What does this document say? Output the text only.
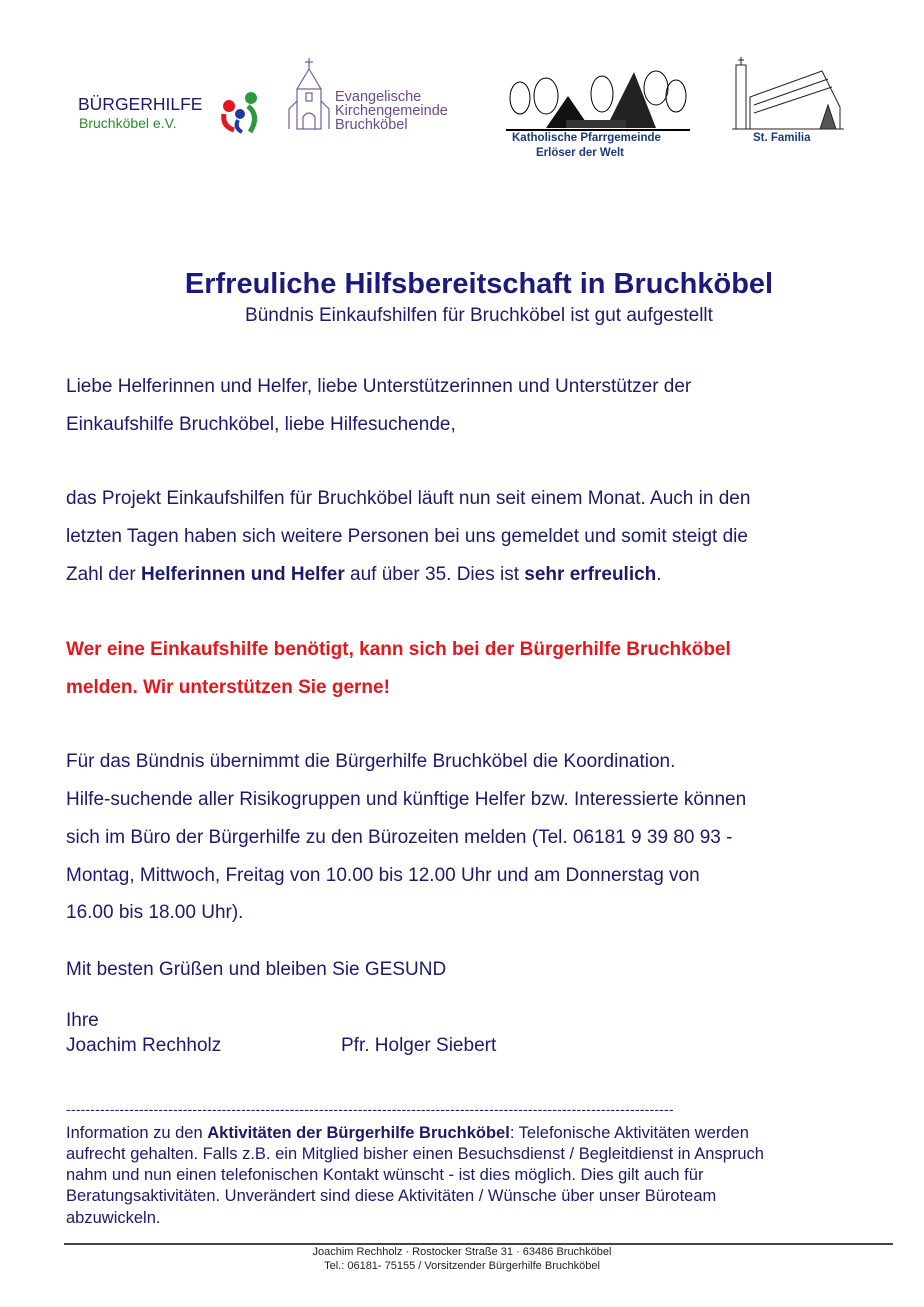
BÜRGERHILFE
Bruchköbel e.V.
Evangelische
Kirchengemeinde
Bruchköbel
Katholische Pfarrgemeinde
Erlöser der Welt
St. Familia
Erfreuliche Hilfsbereitschaft in Bruchköbel
Bündnis Einkaufshilfen für Bruchköbel ist gut aufgestellt
Liebe Helferinnen und Helfer, liebe Unterstützerinnen und Unterstützer der
Einkaufshilfe Bruchköbel, liebe Hilfesuchende,
das Projekt Einkaufshilfen für Bruchköbel läuft nun seit einem Monat. Auch in den
letzten Tagen haben sich weitere Personen bei uns gemeldet und somit steigt die
Zahl der Helferinnen und Helfer auf über 35. Dies ist sehr erfreulich.
Wer eine Einkaufshilfe benötigt, kann sich bei der Bürgerhilfe Bruchköbel
melden. Wir unterstützen Sie gerne!
Für das Bündnis übernimmt die Bürgerhilfe Bruchköbel die Koordination.
Hilfe-suchende aller Risikogruppen und künftige Helfer bzw. Interessierte können
sich im Büro der Bürgerhilfe zu den Bürozeiten melden (Tel. 06181 9 39 80 93 -
Montag, Mittwoch, Freitag von 10.00 bis 12.00 Uhr und am Donnerstag von
16.00 bis 18.00 Uhr).
Mit besten Grüßen und bleiben Sie GESUND
Ihre
Joachim Rechholz	Pfr. Holger Siebert
-----------------------------------------------------------------------------------------------------------------------------
Information zu den Aktivitäten der Bürgerhilfe Bruchköbel: Telefonische Aktivitäten werden
aufrecht gehalten. Falls z.B. ein Mitglied bisher einen Besuchsdienst / Begleitdienst in Anspruch
nahm und nun einen telefonischen Kontakt wünscht - ist dies möglich. Dies gilt auch für
Beratungsaktivitäten. Unverändert sind diese Aktivitäten / Wünsche über unser Büroteam
abzuwickeln.
Joachim Rechholz · Rostocker Straße 31 · 63486 Bruchköbel
Tel.: 06181- 75155 / Vorsitzender Bürgerhilfe Bruchköbel
